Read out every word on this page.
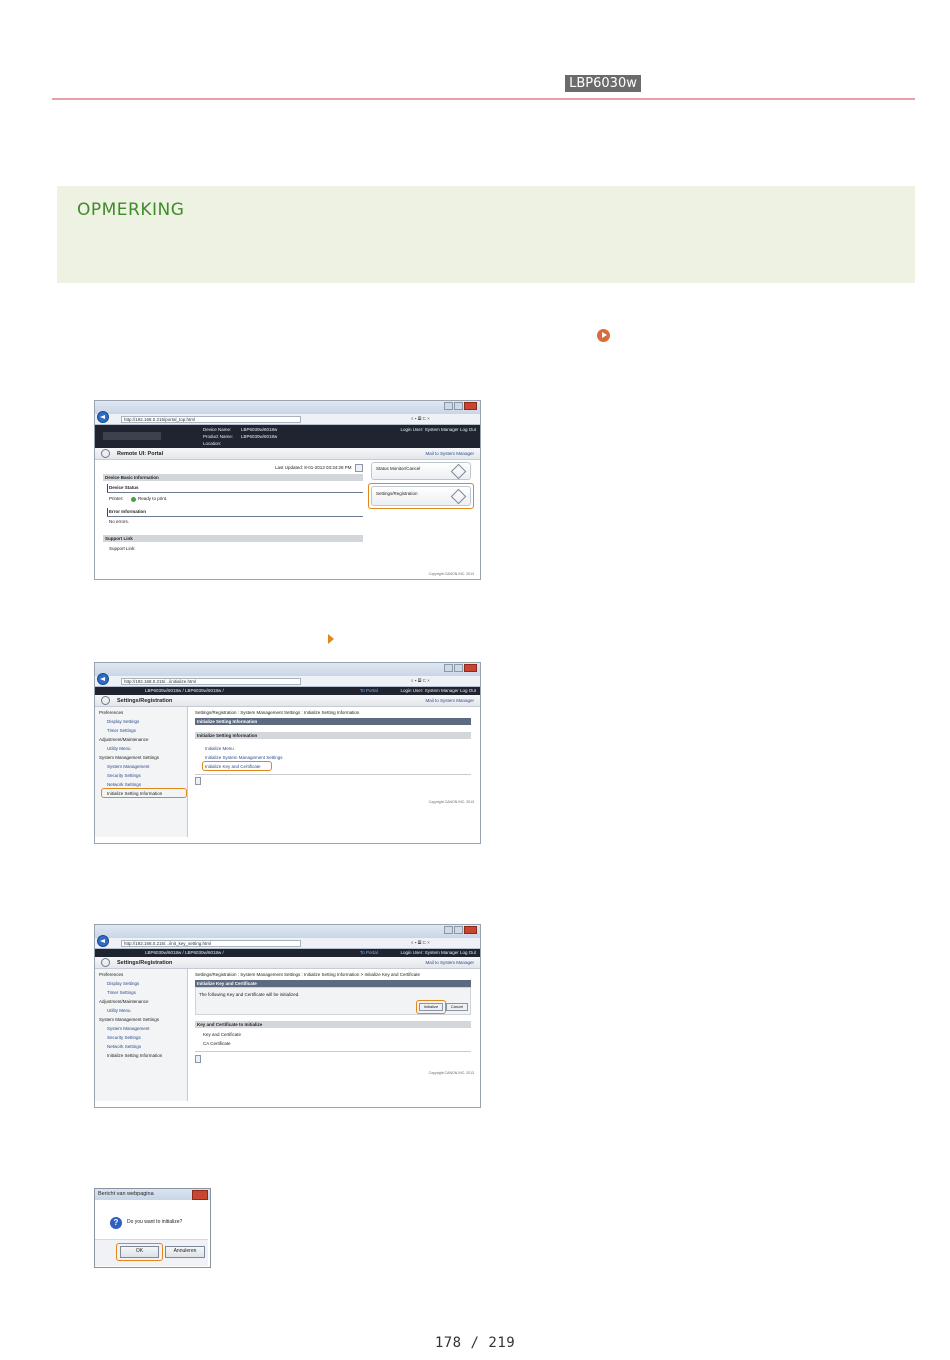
LBP6030w
OPMERKING
http://192.168.0.215/portal_top.html	⌕ ▾ ▤ C ×
Device Name: LBP6030w/6018w
Product Name: LBP6030w/6018w
Location:
Login User: System Manager Log Out
Remote UI: Portal	Mail to System Manager
Last Updated: 8-01-2013 03:34:28 PM
Device Basic Information
Device Status
Printer:	Ready to print.
Error Information
No errors.
Support Link
Support Link:
Status Monitor/Cancel
Settings/Registration
Copyright CANON INC. 2013
http://192.168.0.215/.../initialize.html	⌕ ▾ ▤ C ×
LBP6030w/6018w / LBP6030w/6018w /	To Portal	Login User: System Manager Log Out
Settings/Registration	Mail to System Manager
Preferences
Display Settings
Timer Settings
Adjustment/Maintenance
Utility Menu
System Management Settings
System Management
Security Settings
Network Settings
Initialize Setting Information
Settings/Registration : System Management Settings : Initialize Setting Information
Initialize Setting Information
Initialize Setting Information
Initialize Menu
Initialize System Management Settings
Initialize Key and Certificate
Copyright CANON INC. 2013
http://192.168.0.215/.../init_key_setting.html	⌕ ▾ ▤ C ×
LBP6030w/6018w / LBP6030w/6018w /	To Portal	Login User: System Manager Log Out
Settings/Registration	Mail to System Manager
Preferences
Display Settings
Timer Settings
Adjustment/Maintenance
Utility Menu
System Management Settings
System Management
Security Settings
Network Settings
Initialize Setting Information
Settings/Registration : System Management Settings : Initialize Setting Information > Initialize Key and Certificate
Initialize Key and Certificate
The following Key and Certificate will be initialized.
Initialize	Cancel
Key and Certificate to Initialize
Key and Certificate
CA Certificate
Copyright CANON INC. 2013
Bericht van webpagina
?	Do you want to initialize?
OK	Annuleren
178 / 219
